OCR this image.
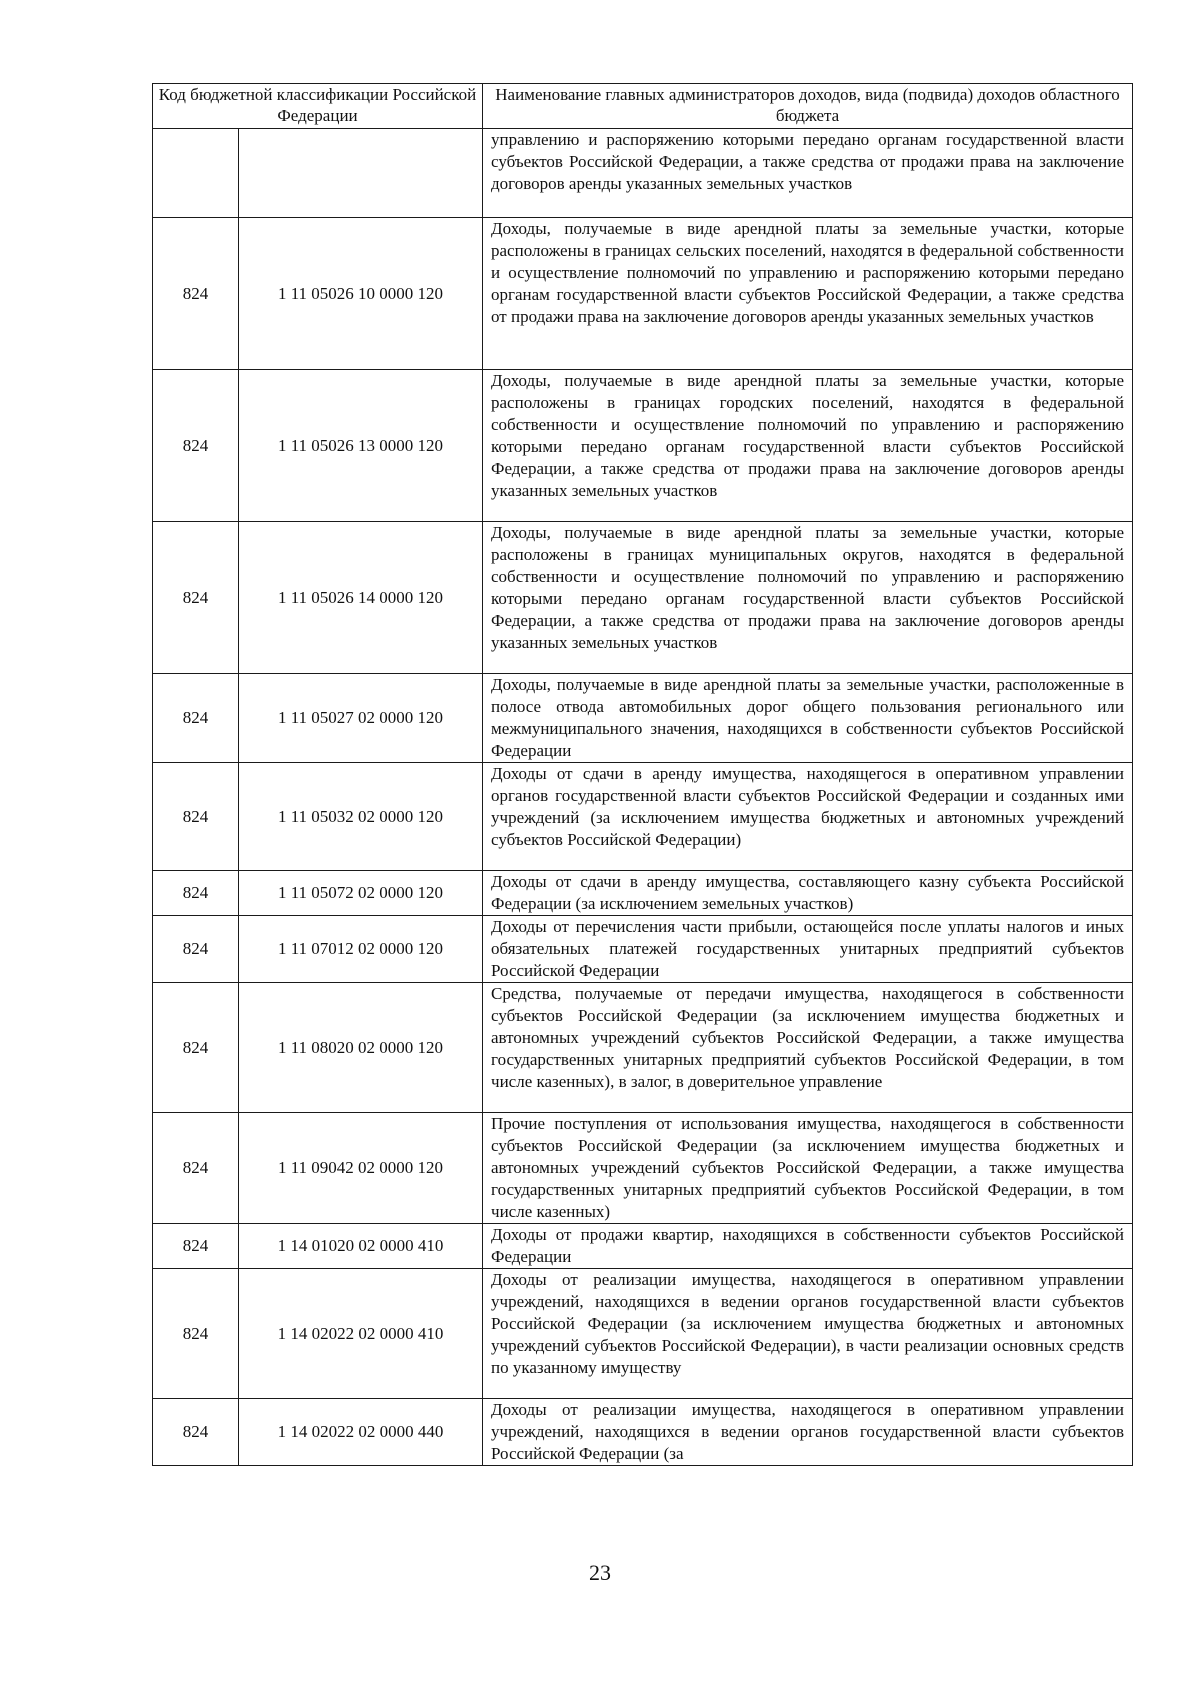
Код бюджетной классификации Российской Федерации		Наименование главных администраторов доходов, вида (подвида) доходов областного бюджета
		управлению и распоряжению которыми передано органам государственной власти субъектов Российской Федерации, а также средства от продажи права на заключение договоров аренды указанных земельных участков
824	1 11 05026 10 0000 120	Доходы, получаемые в виде арендной платы за земельные участки, которые расположены в границах сельских поселений, находятся в федеральной собственности и осуществление полномочий по управлению и распоряжению которыми передано органам государственной власти субъектов Российской Федерации, а также средства от продажи права на заключение договоров аренды указанных земельных участков
824	1 11 05026 13 0000 120	Доходы, получаемые в виде арендной платы за земельные участки, которые расположены в границах городских поселений, находятся в федеральной собственности и осуществление полномочий по управлению и распоряжению которыми передано органам государственной власти субъектов Российской Федерации, а также средства от продажи права на заключение договоров аренды указанных земельных участков
824	1 11 05026 14 0000 120	Доходы, получаемые в виде арендной платы за земельные участки, которые расположены в границах муниципальных округов, находятся в федеральной собственности и осуществление полномочий по управлению и распоряжению которыми передано органам государственной власти субъектов Российской Федерации, а также средства от продажи права на заключение договоров аренды указанных земельных участков
824	1 11 05027 02 0000 120	Доходы, получаемые в виде арендной платы за земельные участки, расположенные в полосе отвода автомобильных дорог общего пользования регионального или межмуниципального значения, находящихся в собственности субъектов Российской Федерации
824	1 11 05032 02 0000 120	Доходы от сдачи в аренду имущества, находящегося в оперативном управлении органов государственной власти субъектов Российской Федерации и созданных ими учреждений (за исключением имущества бюджетных и автономных учреждений субъектов Российской Федерации)
824	1 11 05072 02 0000 120	Доходы от сдачи в аренду имущества, составляющего казну субъекта Российской Федерации (за исключением земельных участков)
824	1 11 07012 02 0000 120	Доходы от перечисления части прибыли, остающейся после уплаты налогов и иных обязательных платежей государственных унитарных предприятий субъектов Российской Федерации
824	1 11 08020 02 0000 120	Средства, получаемые от передачи имущества, находящегося в собственности субъектов Российской Федерации (за исключением имущества бюджетных и автономных учреждений субъектов Российской Федерации, а также имущества государственных унитарных предприятий субъектов Российской Федерации, в том числе казенных), в залог, в доверительное управление
824	1 11 09042 02 0000 120	Прочие поступления от использования имущества, находящегося в собственности субъектов Российской Федерации (за исключением имущества бюджетных и автономных учреждений субъектов Российской Федерации, а также имущества государственных унитарных предприятий субъектов Российской Федерации, в том числе казенных)
824	1 14 01020 02 0000 410	Доходы от продажи квартир, находящихся в собственности субъектов Российской Федерации
824	1 14 02022 02 0000 410	Доходы от реализации имущества, находящегося в оперативном управлении учреждений, находящихся в ведении органов государственной власти субъектов Российской Федерации (за исключением имущества бюджетных и автономных учреждений субъектов Российской Федерации), в части реализации основных средств по указанному имуществу
824	1 14 02022 02 0000 440	Доходы от реализации имущества, находящегося в оперативном управлении учреждений, находящихся в ведении органов государственной власти субъектов Российской Федерации (за
23
